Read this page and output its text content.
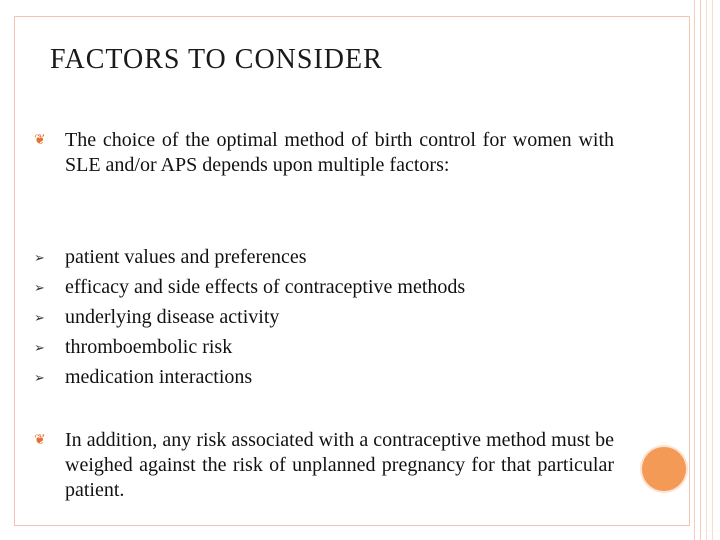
FACTORS TO CONSIDER
❦ The choice of the optimal method of birth control for women with SLE and/or APS depends upon multiple factors:
➢	patient values and preferences
➢	efficacy and side effects of contraceptive methods
➢	underlying disease activity
➢	thromboembolic risk
➢	medication interactions
❦ In addition, any risk associated with a contraceptive method must be weighed against the risk of unplanned pregnancy for that particular patient.
